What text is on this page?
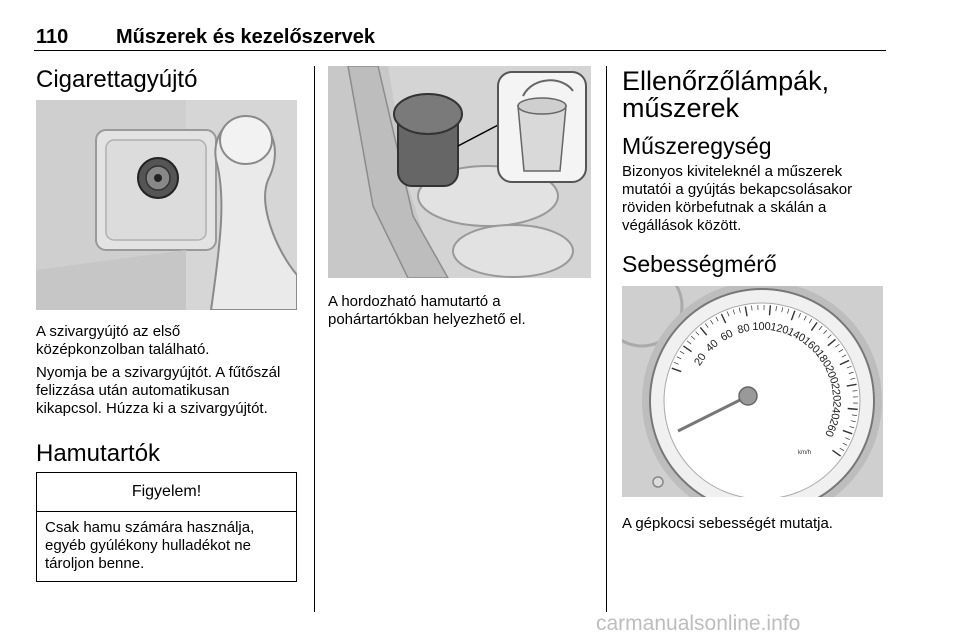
110 Műszerek és kezelőszervek
Cigarettagyújtó

A szivargyújtó az első
középkonzolban található.

Nyomja be a szivargyújtót. A fűtőszál
felizzása után automatikusan
kikapcsol. Húzza ki a szivargyújtót.

Hamutartók
Figyelem!
Csak hamu számára használja,
egyéb gyúlékony hulladékot ne
tároljon benne.

A hordozható hamutartó a
pohártartókban helyezhető el.

Ellenőrzőlámpák,
műszerek
Műszeregység

Bizonyos kiviteleknél a műszerek
mutatói a gyújtás bekapcsolásakor
röviden körbefutnak a skálán a
végállások között.

Sebességmérő
20
40
60 80 100
120
140
160
180
200
220
240
260
km/h

A gépkocsi sebességét mutatja.

carmanualsonline.info
